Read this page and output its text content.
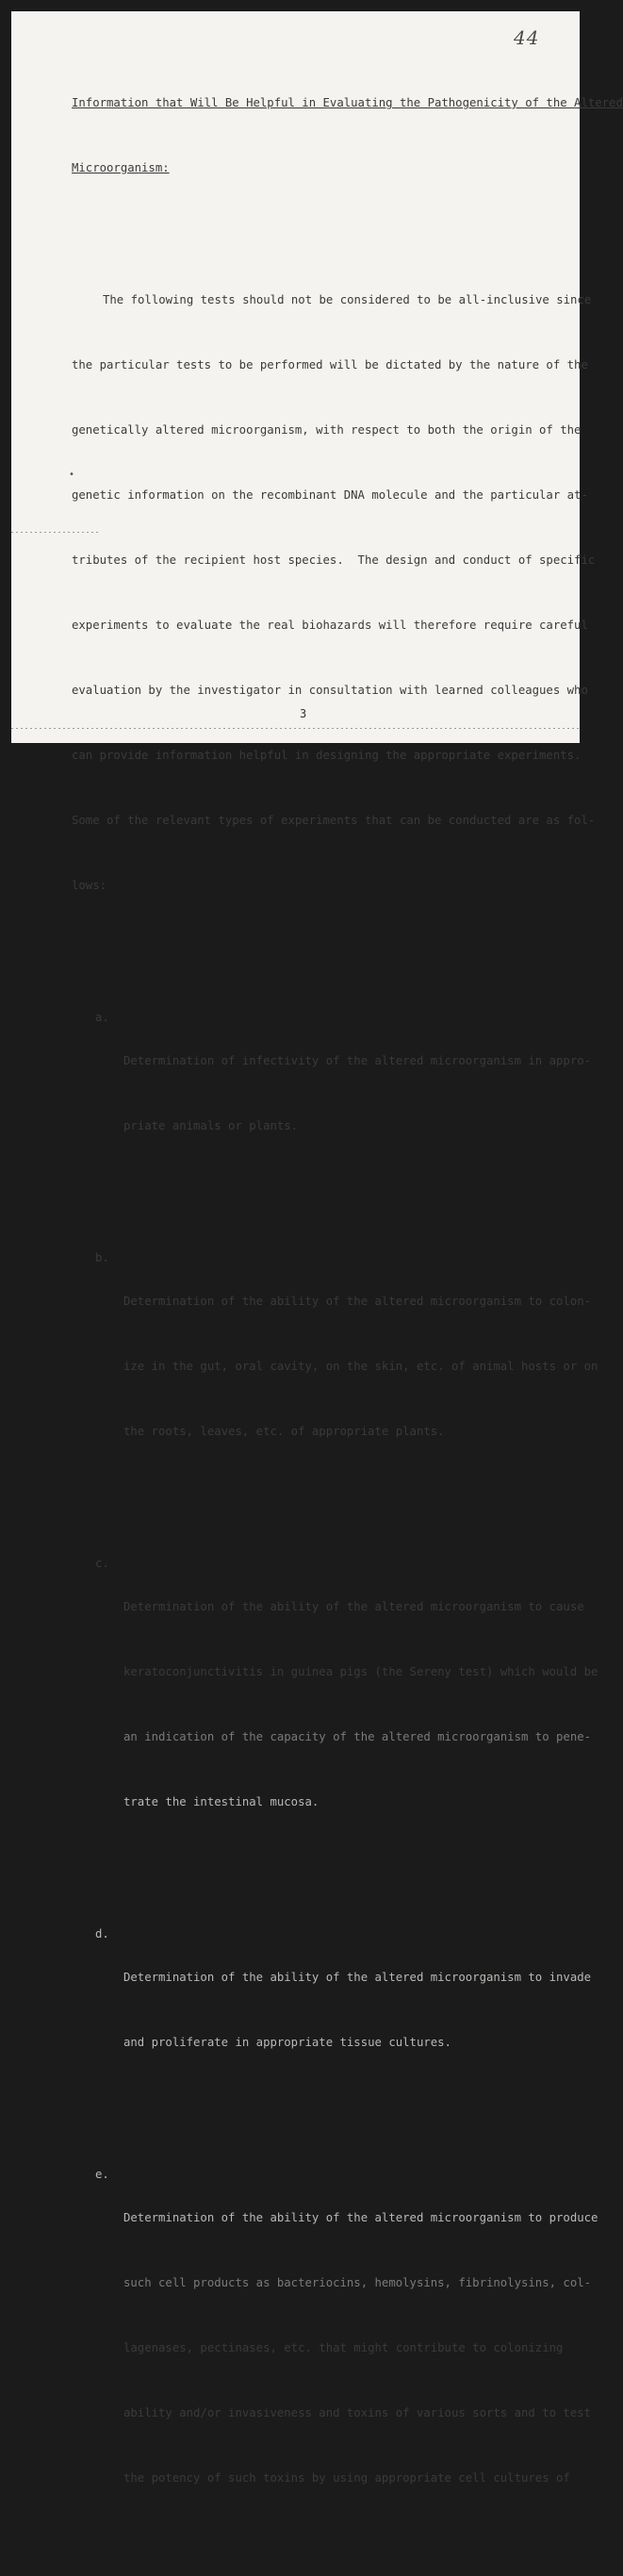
44

Information that Will Be Helpful in Evaluating the Pathogenicity of the Altered

Microorganism:

The following tests should not be considered to be all-inclusive since

the particular tests to be performed will be dictated by the nature of the

genetically altered microorganism, with respect to both the origin of the

genetic information on the recombinant DNA molecule and the particular at-

tributes of the recipient host species.  The design and conduct of specific

experiments to evaluate the real biohazards will therefore require careful

evaluation by the investigator in consultation with learned colleagues who

can provide information helpful in designing the appropriate experiments.

Some of the relevant types of experiments that can be conducted are as fol-

lows:

a.

Determination of infectivity of the altered microorganism in appro-

priate animals or plants.

b.

Determination of the ability of the altered microorganism to colon-

ize in the gut, oral cavity, on the skin, etc. of animal hosts or on

the roots, leaves, etc. of appropriate plants.

c.

Determination of the ability of the altered microorganism to cause

keratoconjunctivitis in guinea pigs (the Sereny test) which would be

an indication of the capacity of the altered microorganism to pene-

trate the intestinal mucosa.

d.

Determination of the ability of the altered microorganism to invade

and proliferate in appropriate tissue cultures.

e.

Determination of the ability of the altered microorganism to produce

such cell products as bacteriocins, hemolysins, fibrinolysins, col-

lagenases, pectinases, etc. that might contribute to colonizing

ability and/or invasiveness and toxins of various sorts and to test

the potency of such toxins by using appropriate cell cultures of

•
3
